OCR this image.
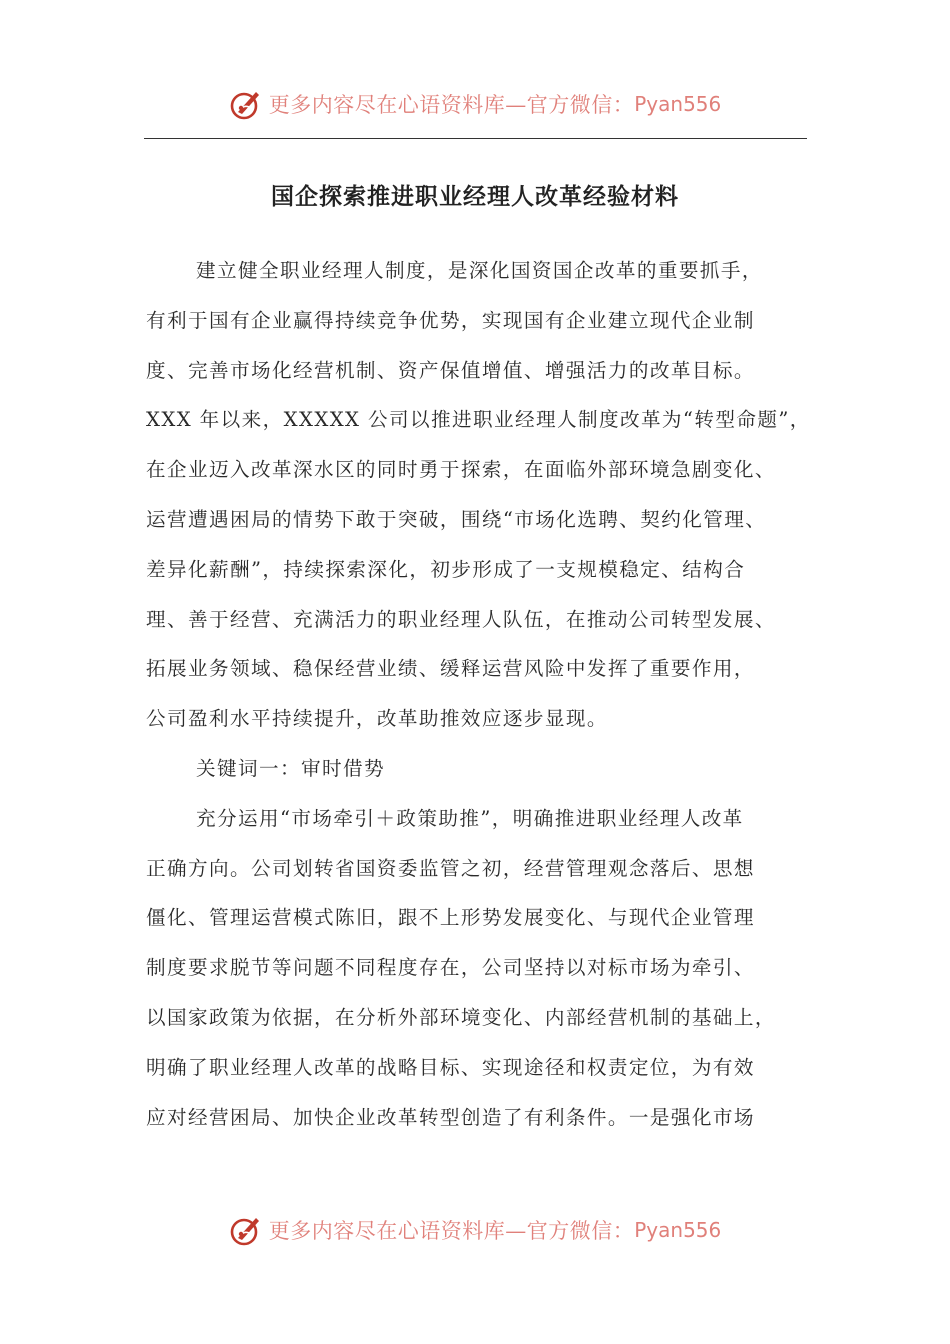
更多内容尽在心语资料库—官方微信： Pyan556
国企探索推进职业经理人改革经验材料
建立健全职业经理人制度，是深化国资国企改革的重要抓手，
有利于国有企业赢得持续竞争优势，实现国有企业建立现代企业制
度、完善市场化经营机制、资产保值增值、增强活力的改革目标。
XXX 年以来，XXXXX 公司以推进职业经理人制度改革为“转型命题”，
在企业迈入改革深水区的同时勇于探索，在面临外部环境急剧变化、
运营遭遇困局的情势下敢于突破，围绕“市场化选聘、契约化管理、
差异化薪酬”，持续探索深化，初步形成了一支规模稳定、结构合
理、善于经营、充满活力的职业经理人队伍，在推动公司转型发展、
拓展业务领域、稳保经营业绩、缓释运营风险中发挥了重要作用，
公司盈利水平持续提升，改革助推效应逐步显现。
关键词一：审时借势
充分运用“市场牵引＋政策助推”，明确推进职业经理人改革
正确方向。公司划转省国资委监管之初，经营管理观念落后、思想
僵化、管理运营模式陈旧，跟不上形势发展变化、与现代企业管理
制度要求脱节等问题不同程度存在，公司坚持以对标市场为牵引、
以国家政策为依据，在分析外部环境变化、内部经营机制的基础上，
明确了职业经理人改革的战略目标、实现途径和权责定位，为有效
应对经营困局、加快企业改革转型创造了有利条件。一是强化市场
更多内容尽在心语资料库—官方微信： Pyan556
